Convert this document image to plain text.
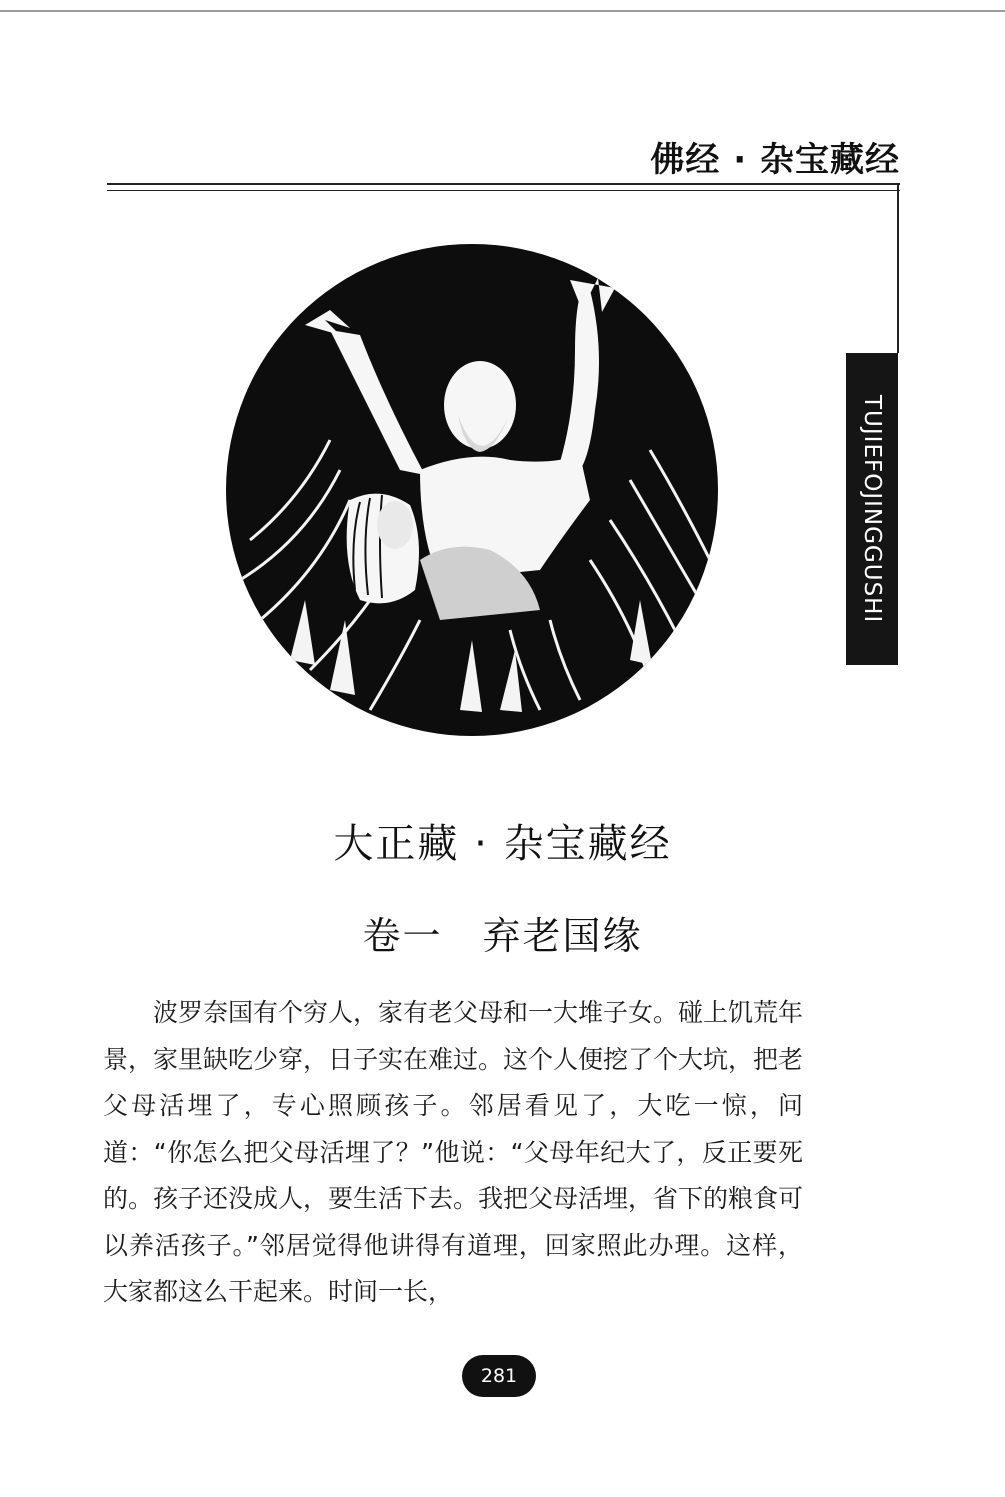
佛经 · 杂宝藏经
TUJIEFOJINGGUSHI
大正藏 · 杂宝藏经
卷一 弃老国缘

波罗奈国有个穷人，家有老父母和一大堆子女。碰上饥荒年景，家里缺吃少穿，日子实在难过。这个人便挖了个大坑，把老父母活埋了，专心照顾孩子。邻居看见了，大吃一惊，问道：“你怎么把父母活埋了？”他说：“父母年纪大了，反正要死的。孩子还没成人，要生活下去。我把父母活埋，省下的粮食可以养活孩子。”邻居觉得他讲得有道理，回家照此办理。这样，大家都这么干起来。时间一长，

281
